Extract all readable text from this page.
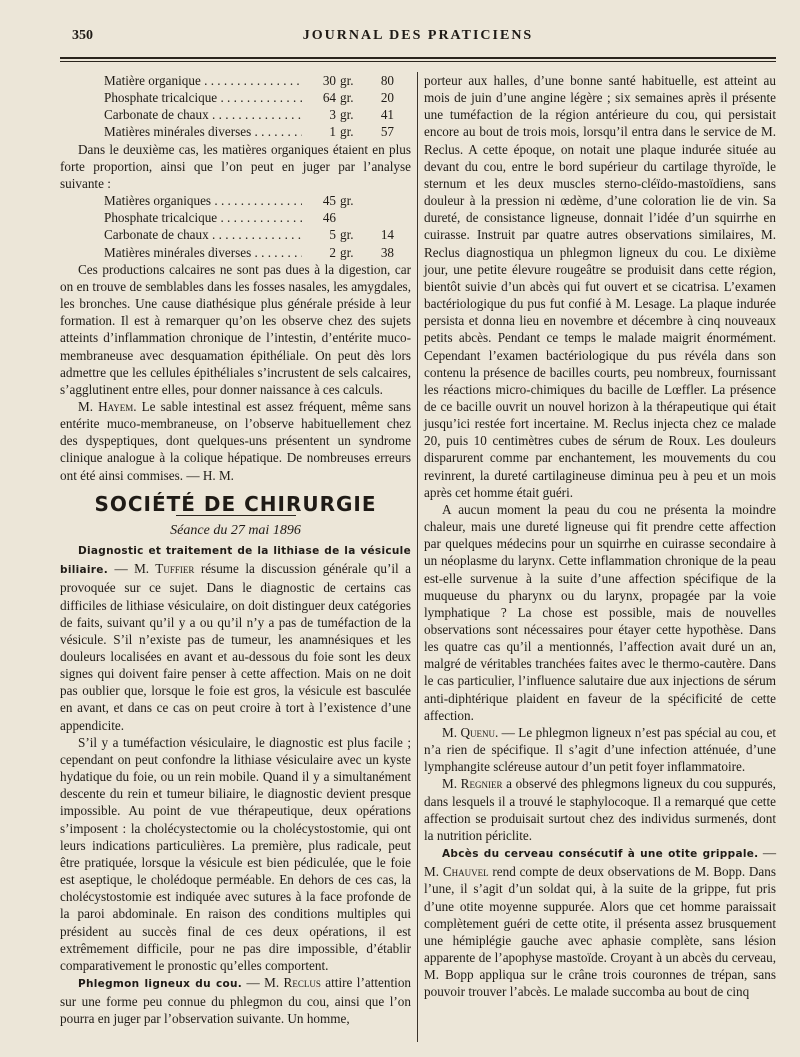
350	JOURNAL DES PRATICIENS
Matière organique . . .	30 gr.	80
Phosphate tricalcique . . .	64 gr.	20
Carbonate de chaux . . .	3 gr.	41
Matières minérales diverses . . .	1 gr.	57

Dans le deuxième cas, les matières organiques étaient en plus forte proportion, ainsi que l’on peut en juger par l’analyse suivante :

Matières organiques . . .	45 gr.
Phosphate tricalcique . . .	46
Carbonate de chaux . . .	5 gr.	14
Matières minérales diverses . . .	2 gr.	38

Ces productions calcaires ne sont pas dues à la digestion, car on en trouve de semblables dans les fosses nasales, les amygdales, les bronches. Une cause diathésique plus générale préside à leur formation. Il est à remarquer qu’on les observe chez des sujets atteints d’inflammation chronique de l’intestin, d’entérite muco-membraneuse avec desquamation épithéliale. On peut dès lors admettre que les cellules épithéliales s’incrustent de sels calcaires, s’agglutinent entre elles, pour donner naissance à ces calculs.

M. Hayem. Le sable intestinal est assez fréquent, même sans entérite muco-membraneuse, on l’observe habituellement chez des dyspeptiques, dont quelques-uns présentent un syndrome clinique analogue à la colique hépatique. De nombreuses erreurs ont été ainsi commises. — H. M.

SOCIÉTÉ DE CHIRURGIE
Séance du 27 mai 1896

Diagnostic et traitement de la lithiase de la vésicule biliaire. — M. Tuffier résume la discussion générale qu’il a provoquée sur ce sujet. Dans le diagnostic de certains cas difficiles de lithiase vésiculaire, on doit distinguer deux catégories de faits, suivant qu’il y a ou qu’il n’y a pas de tuméfaction de la vésicule. S’il n’existe pas de tumeur, les anamnésiques et les douleurs localisées en avant et au-dessous du foie sont les deux signes qui doivent faire penser à cette affection. Mais on ne doit pas oublier que, lorsque le foie est gros, la vésicule est basculée en avant, et dans ce cas on peut croire à tort à l’existence d’une appendicite.

S’il y a tuméfaction vésiculaire, le diagnostic est plus facile ; cependant on peut confondre la lithiase vésiculaire avec un kyste hydatique du foie, ou un rein mobile. Quand il y a simultanément descente du rein et tumeur biliaire, le diagnostic devient presque impossible. Au point de vue thérapeutique, deux opérations s’imposent : la cholécystectomie ou la cholécystostomie, qui ont leurs indications particulières. La première, plus radicale, peut être pratiquée, lorsque la vésicule est bien pédiculée, que le foie est aseptique, le cholédoque perméable. En dehors de ces cas, la cholécystostomie est indiquée avec sutures à la face profonde de la paroi abdominale. En raison des conditions multiples qui président au succès final de ces deux opérations, il est extrêmement difficile, pour ne pas dire impossible, d’établir comparativement le pronostic qu’elles comportent.

Phlegmon ligneux du cou. — M. Reclus attire l’attention sur une forme peu connue du phlegmon du cou, ainsi que l’on pourra en juger par l’observation suivante. Un homme,

porteur aux halles, d’une bonne santé habituelle, est atteint au mois de juin d’une angine légère ; six semaines après il présente une tuméfaction de la région antérieure du cou, qui persistait encore au bout de trois mois, lorsqu’il entra dans le service de M. Reclus. A cette époque, on notait une plaque indurée située au devant du cou, entre le bord supérieur du cartilage thyroïde, le sternum et les deux muscles sterno-cléïdo-mastoïdiens, sans douleur à la pression ni œdème, d’une coloration lie de vin. Sa dureté, de consistance ligneuse, donnait l’idée d’un squirrhe en cuirasse. Instruit par quatre autres observations similaires, M. Reclus diagnostiqua un phlegmon ligneux du cou. Le dixième jour, une petite élevure rougeâtre se produisit dans cette région, bientôt suivie d’un abcès qui fut ouvert et se cicatrisa. L’examen bactériologique du pus fut confié à M. Lesage. La plaque indurée persista et donna lieu en novembre et décembre à cinq nouveaux petits abcès. Pendant ce temps le malade maigrit énormément. Cependant l’examen bactériologique du pus révéla dans son contenu la présence de bacilles courts, peu nombreux, fournissant les réactions micro-chimiques du bacille de Lœffler. La présence de ce bacille ouvrit un nouvel horizon à la thérapeutique qui était jusqu’ici restée fort incertaine. M. Reclus injecta chez ce malade 20, puis 10 centimètres cubes de sérum de Roux. Les douleurs disparurent comme par enchantement, les mouvements du cou revinrent, la dureté cartilagineuse diminua peu à peu et un mois après cet homme était guéri.

A aucun moment la peau du cou ne présenta la moindre chaleur, mais une dureté ligneuse qui fit prendre cette affection par quelques médecins pour un squirrhe en cuirasse secondaire à un néoplasme du larynx. Cette inflammation chronique de la peau est-elle survenue à la suite d’une affection spécifique de la muqueuse du pharynx ou du larynx, propagée par la voie lymphatique ? La chose est possible, mais de nouvelles observations sont nécessaires pour étayer cette hypothèse. Dans les quatre cas qu’il a mentionnés, l’affection avait duré un an, malgré de véritables tranchées faites avec le thermo-cautère. Dans le cas particulier, l’influence salutaire due aux injections de sérum anti-diphtérique plaident en faveur de la spécificité de cette affection.

M. Quenu. — Le phlegmon ligneux n’est pas spécial au cou, et n’a rien de spécifique. Il s’agit d’une infection atténuée, d’une lymphangite scléreuse autour d’un petit foyer inflammatoire.

M. Regnier a observé des phlegmons ligneux du cou suppurés, dans lesquels il a trouvé le staphylocoque. Il a remarqué que cette affection se produisait surtout chez des individus surmenés, dont la nutrition périclite.

Abcès du cerveau consécutif à une otite grippale. — M. Chauvel rend compte de deux observations de M. Bopp. Dans l’une, il s’agit d’un soldat qui, à la suite de la grippe, fut pris d’une otite moyenne suppurée. Alors que cet homme paraissait complètement guéri de cette otite, il présenta assez brusquement une hémiplégie gauche avec aphasie complète, sans lésion apparente de l’apophyse mastoïde. Croyant à un abcès du cerveau, M. Bopp appliqua sur le crâne trois couronnes de trépan, sans pouvoir trouver l’abcès. Le malade succomba au bout de cinq
